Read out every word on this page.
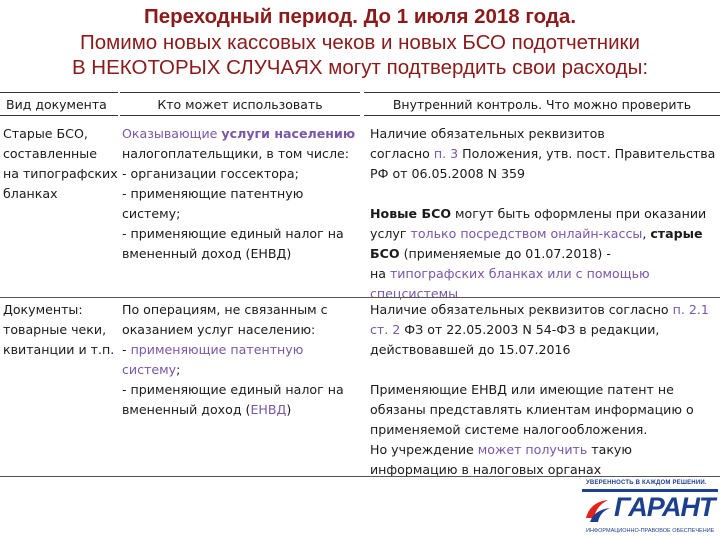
Переходный период. До 1 июля 2018 года.
Помимо новых кассовых чеков и новых БСО подотчетники
В НЕКОТОРЫХ СЛУЧАЯХ могут подтвердить свои расходы:
Вид документа	Кто может использовать	Внутренний контроль. Что можно проверить
Старые БСО,
составленные
на типографских
бланках
Оказывающие услуги населению
налогоплательщики, в том числе:
- организации госсектора;
- применяющие патентную
систему;
- применяющие единый налог на
вмененный доход (ЕНВД)
Наличие обязательных реквизитов
согласно п. 3 Положения, утв. пост. Правительства
РФ от 06.05.2008 N 359
Новые БСО могут быть оформлены при оказании
услуг только посредством онлайн-кассы, старые
БСО (применяемые до 01.07.2018) -
на типографских бланках или с помощью
спецсистемы
Документы:
товарные чеки,
квитанции и т.п.
По операциям, не связанным с
оказанием услуг населению:
- применяющие патентную
систему;
- применяющие единый налог на
вмененный доход (ЕНВД)
Наличие обязательных реквизитов согласно п. 2.1
ст. 2 ФЗ от 22.05.2003 N 54-ФЗ в редакции,
действовавшей до 15.07.2016
Применяющие ЕНВД или имеющие патент не
обязаны представлять клиентам информацию о
применяемой системе налогообложения.
Но учреждение может получить такую
информацию в налоговых органах
УВЕРЕННОСТЬ В КАЖДОМ РЕШЕНИИ.
ГАРАНТ
ИНФОРМАЦИОННО-ПРАВОВОЕ ОБЕСПЕЧЕНИЕ
